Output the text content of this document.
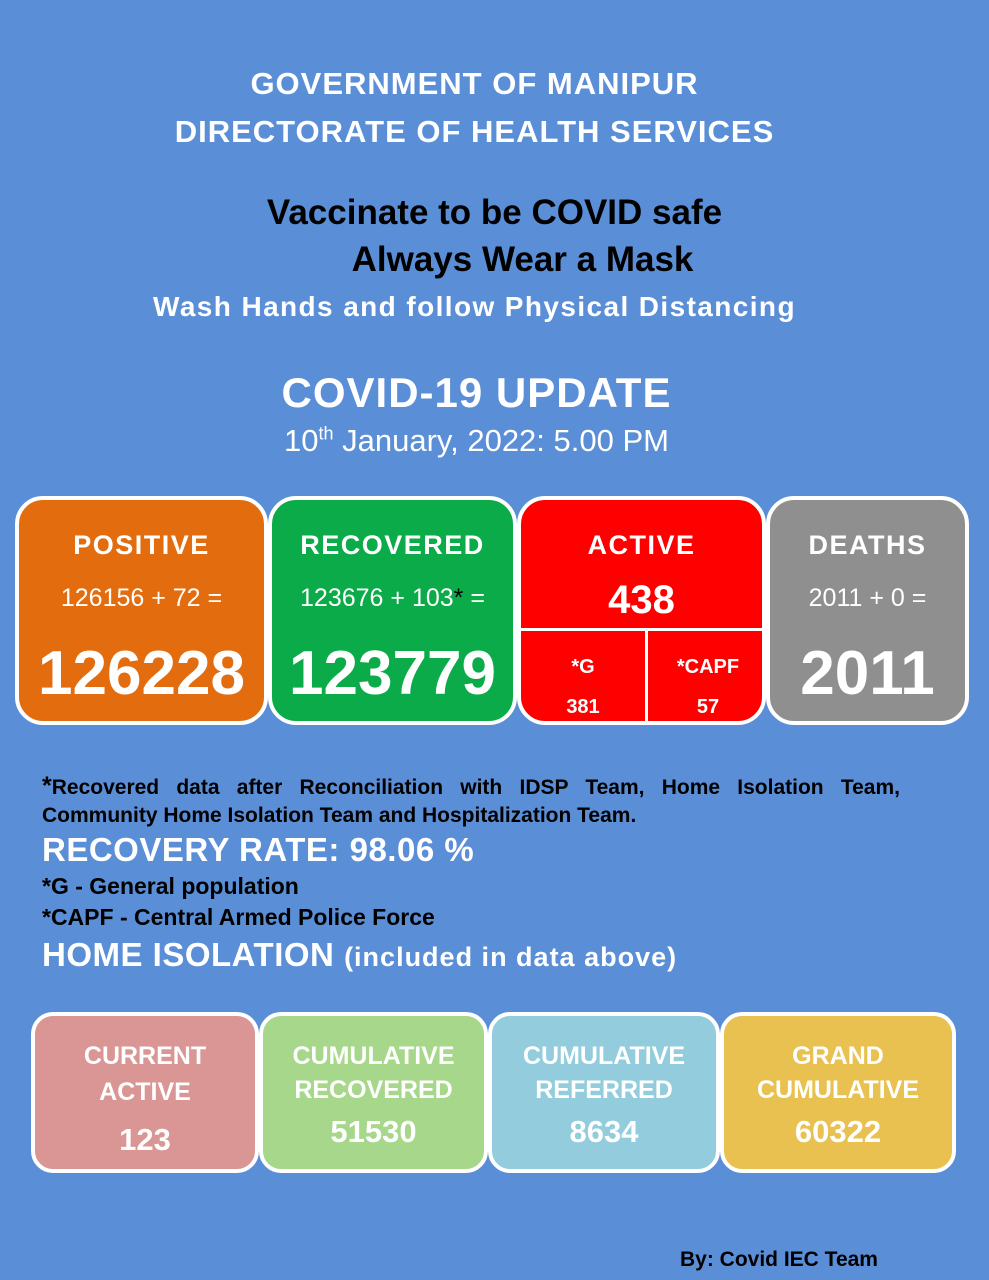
GOVERNMENT OF MANIPUR
DIRECTORATE OF HEALTH SERVICES
Vaccinate to be COVID safe
Always Wear a Mask
Wash Hands and follow Physical Distancing
COVID-19 UPDATE
10th January, 2022: 5.00 PM
POSITIVE
126156 + 72 =
126228
RECOVERED
123676 + 103* =
123779
ACTIVE
438
*G
381
*CAPF
57
DEATHS
2011 + 0 =
2011
*Recovered data after Reconciliation with IDSP Team, Home Isolation Team, Community Home Isolation Team and Hospitalization Team.
RECOVERY RATE: 98.06 %
*G - General population
*CAPF - Central Armed Police Force
HOME ISOLATION (included in data above)
CURRENT
ACTIVE
123
CUMULATIVE
RECOVERED
51530
CUMULATIVE
REFERRED
8634
GRAND
CUMULATIVE
60322
By: Covid IEC Team
